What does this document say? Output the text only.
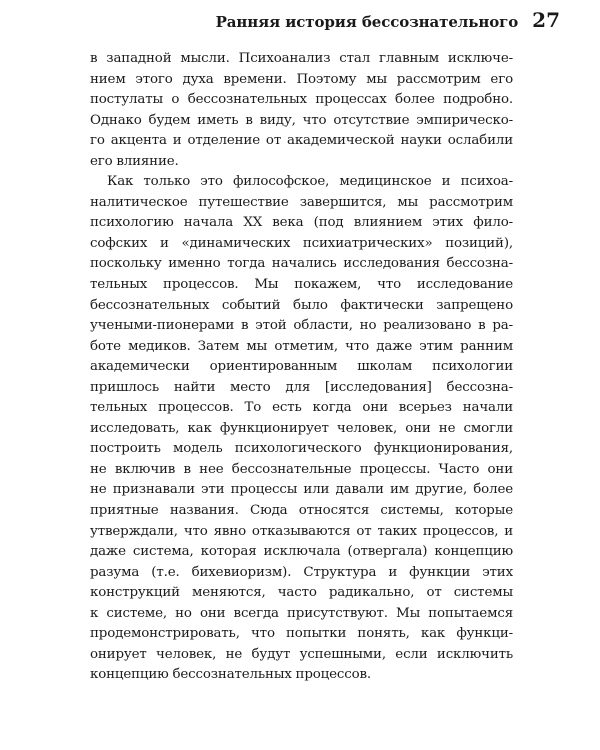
Ранняя история бессознательного 27
в западной мысли. Психоанализ стал главным исключе-
нием этого духа времени. Поэтому мы рассмотрим его
постулаты о бессознательных процессах более подробно.
Однако будем иметь в виду, что отсутствие эмпирическо-
го акцента и отделение от академической науки ослабили
его влияние.
Как только это философское, медицинское и психоа-
налитическое путешествие завершится, мы рассмотрим
психологию начала XX века (под влиянием этих фило-
софских и «динамических психиатрических» позиций),
поскольку именно тогда начались исследования бессозна-
тельных процессов. Мы покажем, что исследование
бессознательных событий было фактически запрещено
учеными-пионерами в этой области, но реализовано в ра-
боте медиков. Затем мы отметим, что даже этим ранним
академически ориентированным школам психологии
пришлось найти место для [исследования] бессозна-
тельных процессов. То есть когда они всерьез начали
исследовать, как функционирует человек, они не смогли
построить модель психологического функционирования,
не включив в нее бессознательные процессы. Часто они
не признавали эти процессы или давали им другие, более
приятные названия. Сюда относятся системы, которые
утверждали, что явно отказываются от таких процессов, и
даже система, которая исключала (отвергала) концепцию
разума (т.е. бихевиоризм). Структура и функции этих
конструкций меняются, часто радикально, от системы
к системе, но они всегда присутствуют. Мы попытаемся
продемонстрировать, что попытки понять, как функци-
онирует человек, не будут успешными, если исключить
концепцию бессознательных процессов.
